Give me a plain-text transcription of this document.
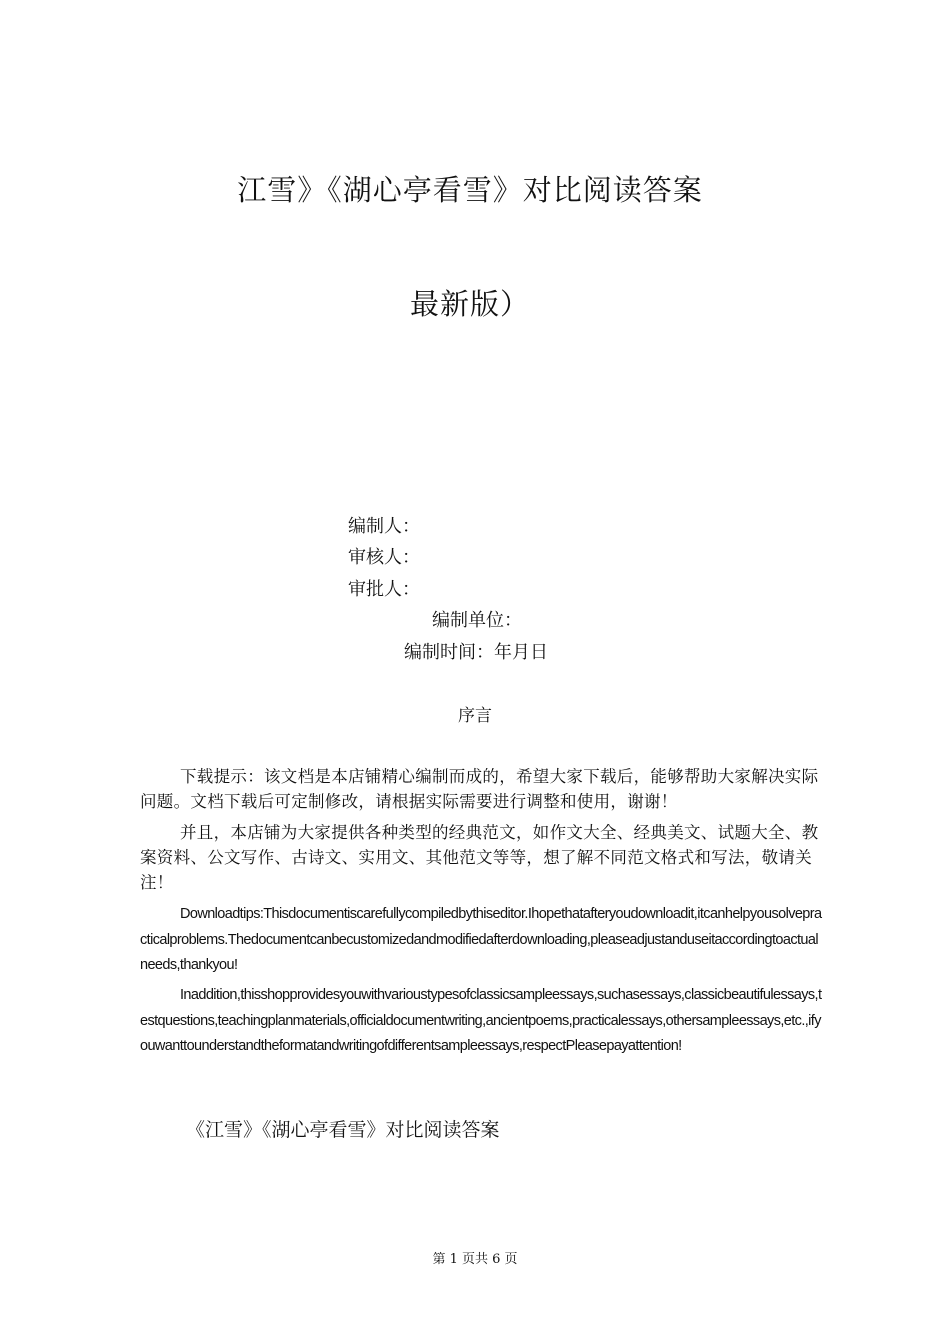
江雪》《湖心亭看雪》对比阅读答案
最新版）
编制人：
审核人：
审批人：
编制单位：
编制时间：年月日
序言

下载提示：该文档是本店铺精心编制而成的，希望大家下载后，能够帮助大家解决实际问题。文档下载后可定制修改，请根据实际需要进行调整和使用，谢谢！

并且，本店铺为大家提供各种类型的经典范文，如作文大全、经典美文、试题大全、教案资料、公文写作、古诗文、实用文、其他范文等等，想了解不同范文格式和写法，敬请关注！

Downloadtips:Thisdocumentiscarefullycompiledbythiseditor.Ihopethatafteryoudownloadit,itcanhelpyousolvepracticalproblems.Thedocumentcanbecustomizedandmodifiedafterdownloading,pleaseadjustanduseitaccordingtoactualneeds,thankyou!

Inaddition,thisshopprovidesyouwithvarioustypesofclassicsampleessays,suchasessays,classicbeautifulessays,testquestions,teachingplanmaterials,officialdocumentwriting,ancientpoems,practicalessays,othersampleessays,etc.,ifyouwanttounderstandtheformatandwritingofdifferentsampleessays,respectPleasepayattention!

《江雪》《湖心亭看雪》对比阅读答案
第 1 页共 6 页
